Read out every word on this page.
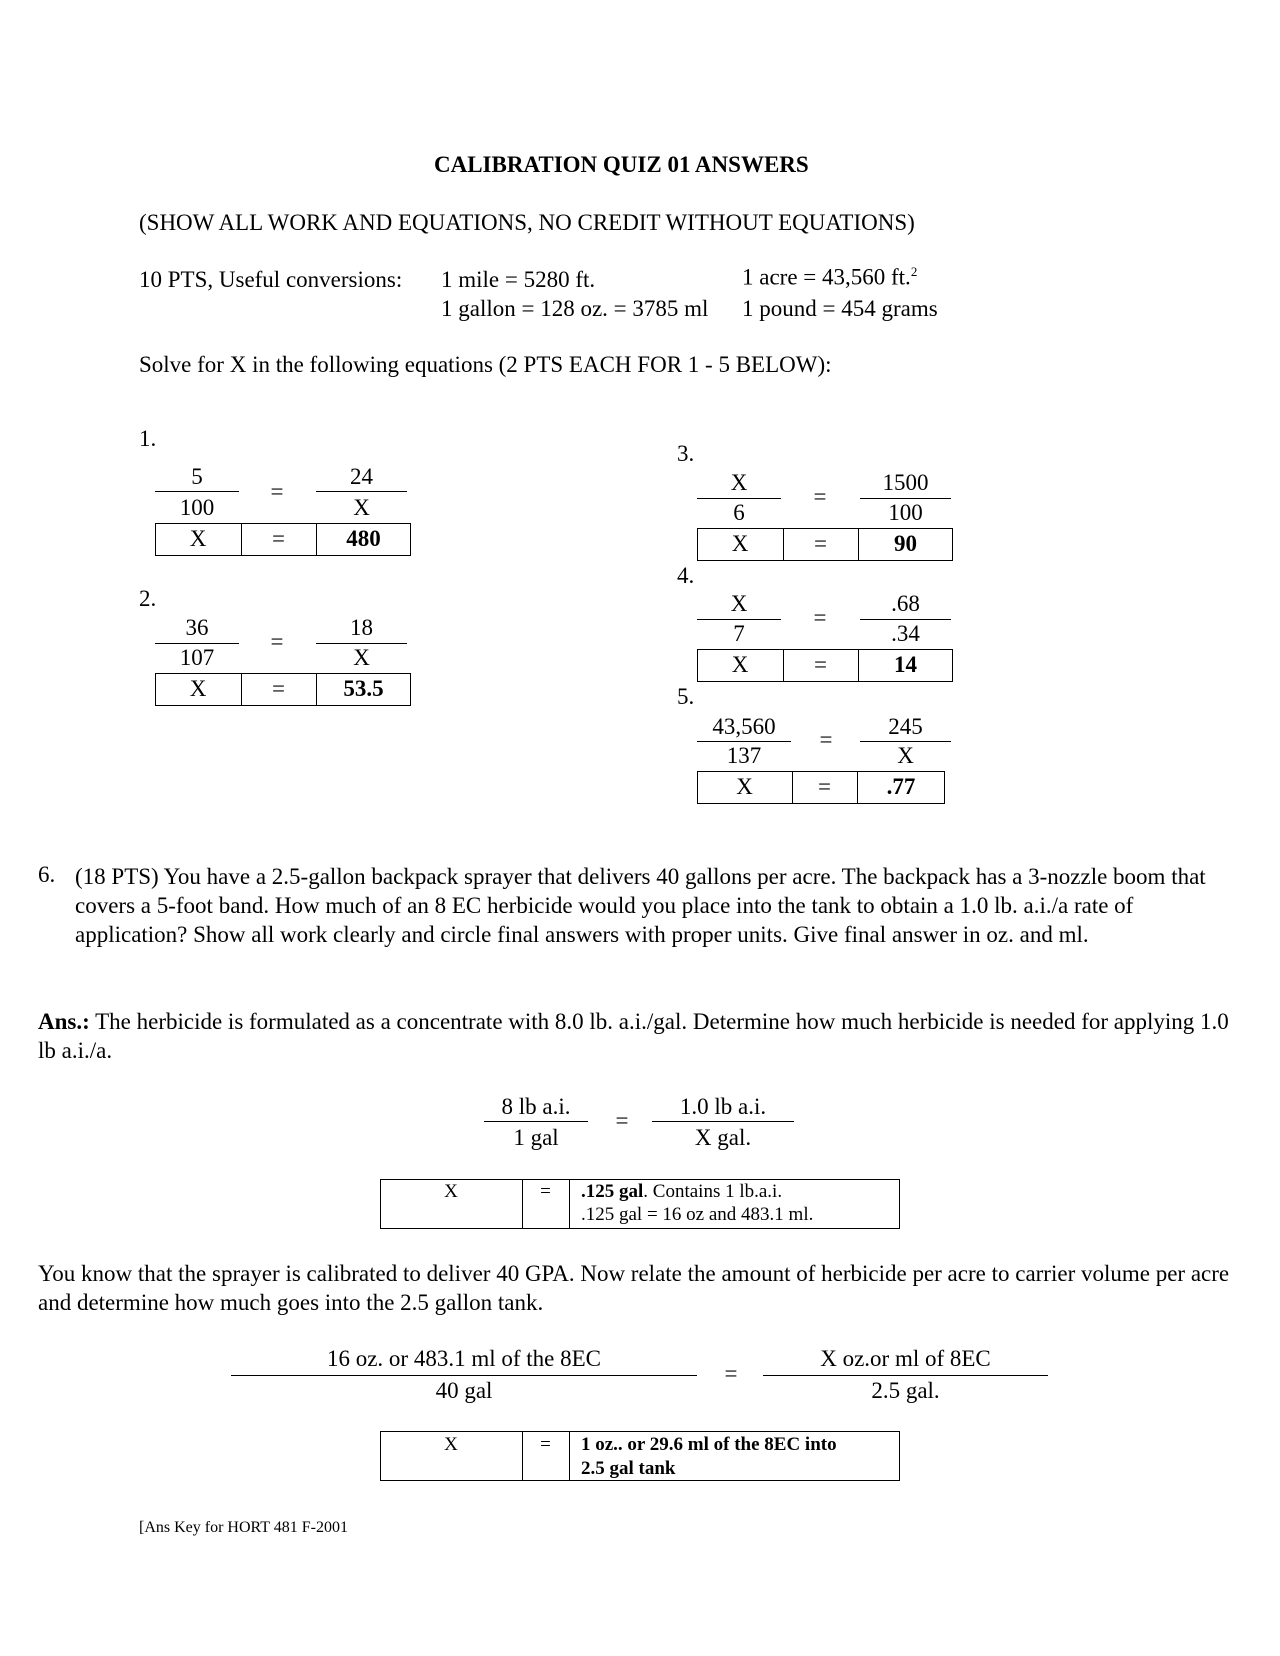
CALIBRATION QUIZ 01 ANSWERS
(SHOW ALL WORK AND EQUATIONS, NO CREDIT WITHOUT EQUATIONS)
10 PTS, Useful conversions: 1 mile = 5280 ft.	1 acre = 43,560 ft.$^2$
1 gallon = 128 oz. = 3785 ml 1 pound = 454 grams
Solve for X in the following equations (2 PTS EACH FOR 1 - 5 BELOW):
1.
5
100
=
24
X
X	=	480
2.
36
107
=
18
X
X	=	53.5
3.
X
6
=
1500
100
X	=	90
4.
X
7
=
.68
.34
X	=	14
5.
43,560
137
=
245
X
X	=	.77
6. (18 PTS) You have a 2.5-gallon backpack sprayer that delivers 40 gallons per acre. The backpack has a 3-nozzle boom that covers a 5-foot band. How much of an 8 EC herbicide would you place into the tank to obtain a 1.0 lb. a.i./a rate of application? Show all work clearly and circle final answers with proper units. Give final answer in oz. and ml.
Ans.: The herbicide is formulated as a concentrate with 8.0 lb. a.i./gal. Determine how much herbicide is needed for applying 1.0 lb a.i./a.
8 lb a.i.
1 gal
=
1.0 lb a.i.
X gal.
X	=	.125 gal. Contains 1 lb.a.i.
.125 gal = 16 oz and 483.1 ml.
You know that the sprayer is calibrated to deliver 40 GPA. Now relate the amount of herbicide per acre to carrier volume per acre and determine how much goes into the 2.5 gallon tank.
16 oz. or 483.1 ml of the 8EC
40 gal
=
X oz.or ml of 8EC
2.5 gal.
X	=	1 oz.. or 29.6 ml of the 8EC into
2.5 gal tank
[Ans Key for HORT 481 F-2001
